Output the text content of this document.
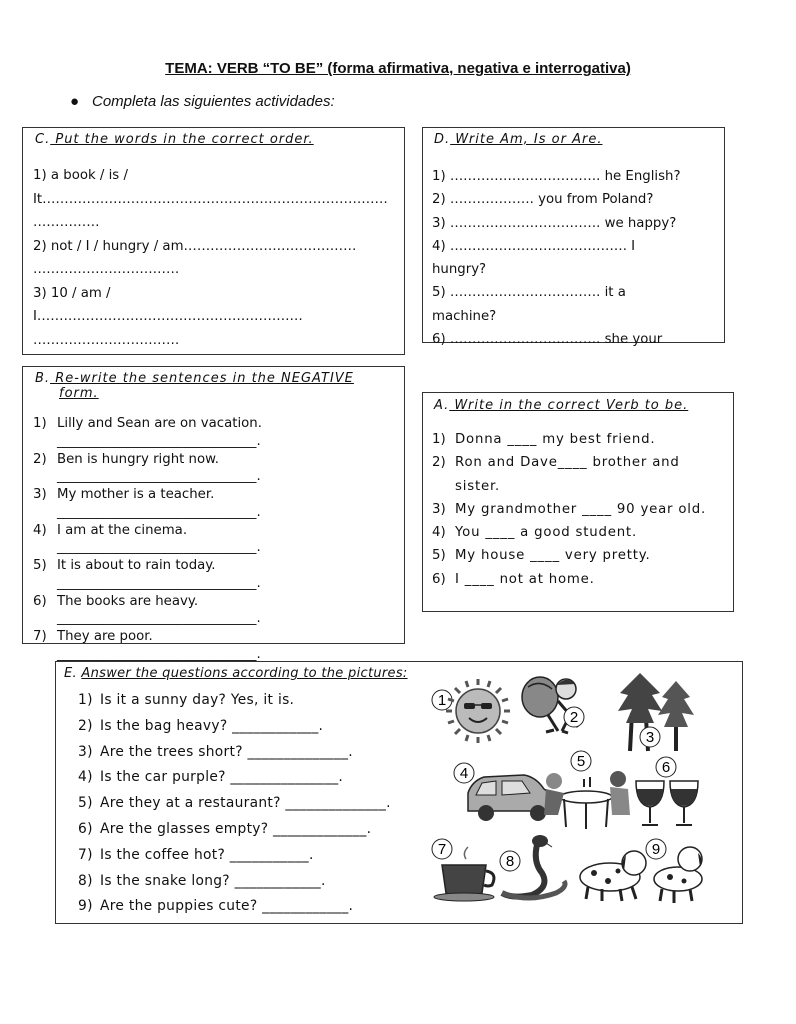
TEMA: VERB “TO BE” (forma afirmativa, negativa e interrogativa)
● Completa las siguientes actividades:
C. Put the words in the correct order.
1) a book / is /
It……………………………………………………………………
……………
2) not / I / hungry / am…………………………………
……………………………
3) 10 / am /
I……………………………………………………
……………………………
D. Write Am, Is or Are.
1) ……………………………. he English?
2) ………………. you from Poland?
3) ……………………………. we happy?
4) …………………………………. I
hungry?
5) ……………………………. it a
machine?
6) ……………………………. she your
B. Re-write the sentences in the NEGATIVE
form.
1) Lilly and Sean are on vacation.
______________________________.
2) Ben is hungry right now.
______________________________.
3) My mother is a teacher.
______________________________.
4) I am at the cinema.
______________________________.
5) It is about to rain today.
______________________________.
6) The books are heavy.
______________________________.
7) They are poor.
______________________________.
A. Write in the correct Verb to be.
1) Donna ____ my best friend.
2) Ron and Dave____ brother and sister.
3) My grandmother ____ 90 year old.
4) You ____ a good student.
5) My house ____ very pretty.
6) I ____ not at home.
E. Answer the questions according to the pictures:
1) Is it a sunny day? Yes, it is.
2) Is the bag heavy? ____________.
3) Are the trees short? ______________.
4) Is the car purple? _______________.
5) Are they at a restaurant? ______________.
6) Are the glasses empty? _____________.
7) Is the coffee hot? ___________.
8) Is the snake long? ____________.
9) Are the puppies cute? ____________.
1
2
3
4
5	6
7
8
9
